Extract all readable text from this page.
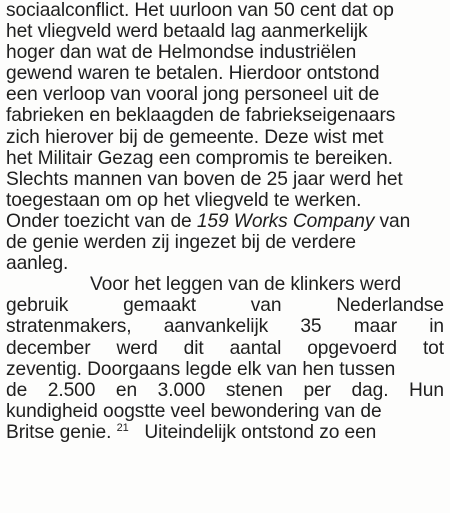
sociaalconflict. Het uurloon van 50 cent dat op
het vliegveld werd betaald lag aanmerkelijk
hoger dan wat de Helmondse industriëlen
gewend waren te betalen. Hierdoor ontstond
een verloop van vooral jong personeel uit de
fabrieken en beklaagden de fabrieksеigenaars
zich hierover bij de gemeente. Deze wist met
het Militair Gezag een compromis te bereiken.
Slechts mannen van boven de 25 jaar werd het
toegestaan om op het vliegveld te werken.
Onder toezicht van de 159 Works Company van
de genie werden zij ingezet bij de verdere
aanleg.
Voor het leggen van de klinkers werd
gebruik	gemaakt	van	Nederlandse
stratenmakers, aanvankelijk 35 maar in
december werd dit aantal opgevoerd tot
zeventig. Doorgaans legde elk van hen tussen
de 2.500 en 3.000 stenen per dag. Hun
kundigheid oogstte veel bewondering van de
Britse genie. $^{21}$ Uiteindelijk ontstond zo een
